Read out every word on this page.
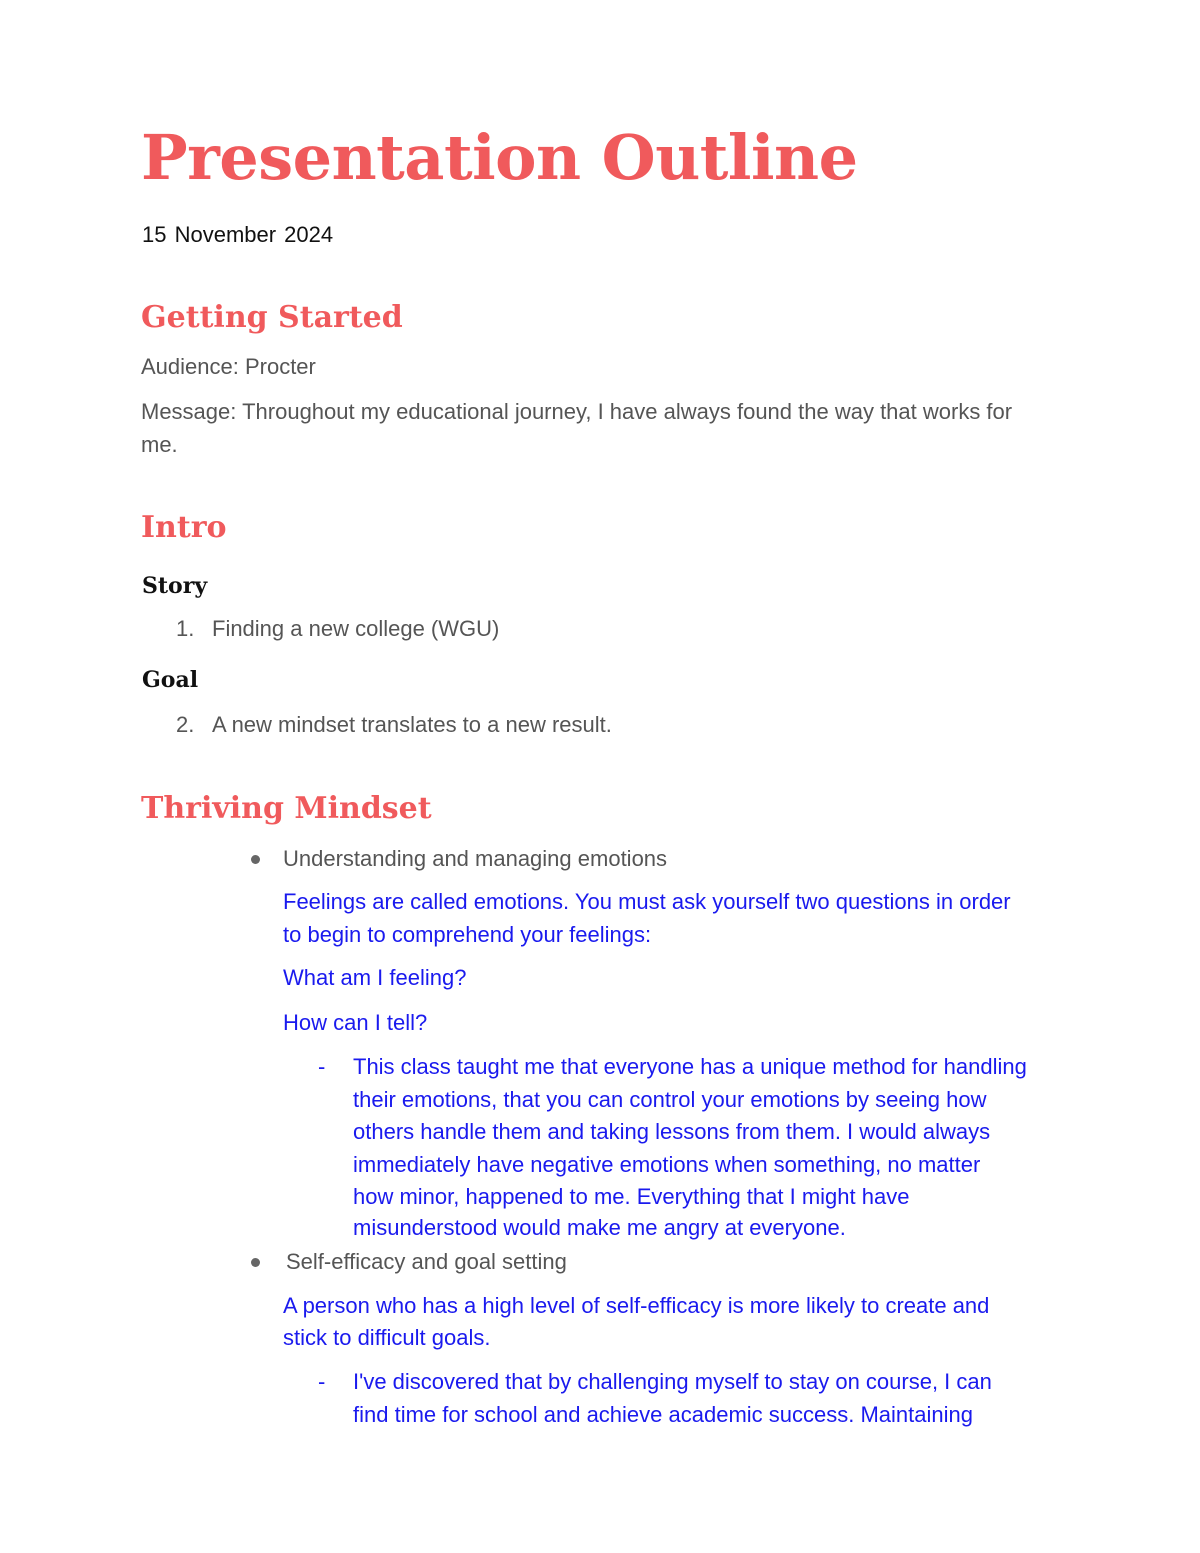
Presentation Outline
15 November 2024
Getting Started
Audience: Procter
Message: Throughout my educational journey, I have always found the way that works for
me.
Intro
Story
1. Finding a new college (WGU)
Goal
2. A new mindset translates to a new result.
Thriving Mindset
Understanding and managing emotions
Feelings are called emotions. You must ask yourself two questions in order
to begin to comprehend your feelings:
What am I feeling?
How can I tell?
- This class taught me that everyone has a unique method for handling
their emotions, that you can control your emotions by seeing how
others handle them and taking lessons from them. I would always
immediately have negative emotions when something, no matter
how minor, happened to me. Everything that I might have
misunderstood would make me angry at everyone.
Self-efficacy and goal setting
A person who has a high level of self-efficacy is more likely to create and
stick to difficult goals.
- I've discovered that by challenging myself to stay on course, I can
find time for school and achieve academic success. Maintaining
